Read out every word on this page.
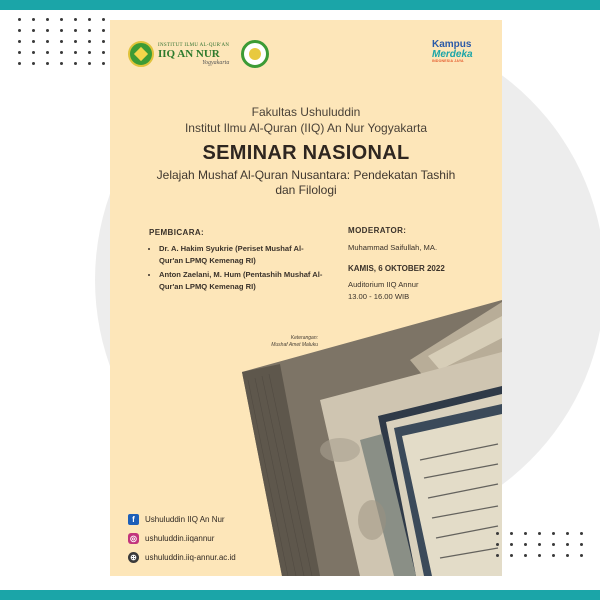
INSTITUT ILMU AL-QUR'AN
IIQ AN NUR
Yogyakarta
Kampus
Merdeka
INDONESIA JAYA
Fakultas Ushuluddin
Institut Ilmu Al-Quran (IIQ) An Nur Yogyakarta
SEMINAR NASIONAL
Jelajah Mushaf Al-Quran Nusantara: Pendekatan Tashih dan Filologi
PEMBICARA:
• Dr. A. Hakim Syukrie (Periset Mushaf Al-Qur'an LPMQ Kemenag RI)
• Anton Zaelani, M. Hum (Pentashih Mushaf Al-Qur'an LPMQ Kemenag RI)
MODERATOR:
Muhammad Saifullah, MA.
KAMIS, 6 OKTOBER 2022
Auditorium IIQ Annur
13.00 - 16.00 WIB
Keterangan:
Mushaf Amet Maluku
f	Ushuluddin IIQ An Nur
◎ ushuluddin.iiqannur
⊕ ushuluddin.iiq-annur.ac.id
